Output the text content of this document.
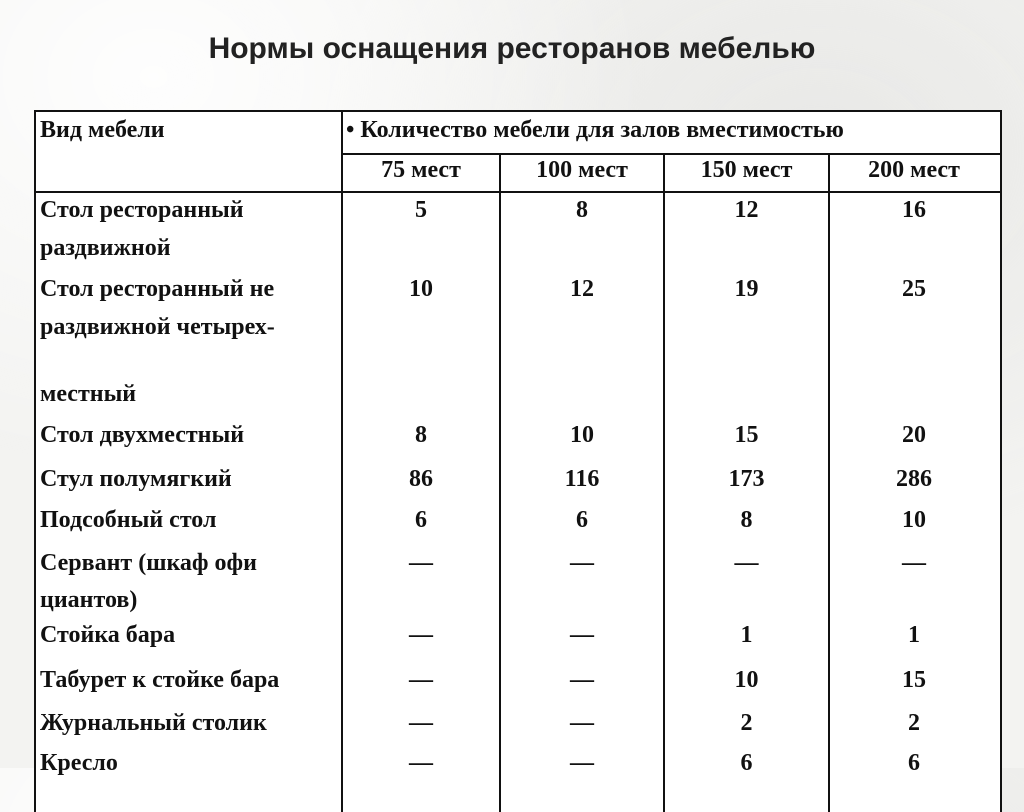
Нормы оснащения ресторанов мебелью
Вид мебели	• Количество мебели для залов вместимостью
75 мест	100 мест	150 мест	200 мест
Стол ресторанный
раздвижной
5	8	12	16
Стол ресторанный не
раздвижной четырех-
местный
10	12	19	25
Стол двухместный	8	10	15	20
Стул полумягкий	86	116	173	286
Подсобный стол	6	6	8	10
Сервант (шкаф офи
циантов)
—	—	—	—
Стойка бара	—	—	1	1
Табурет к стойке бара	—	—	10	15
Журнальный столик	—	—	2	2
Кресло	—	—	6	6
